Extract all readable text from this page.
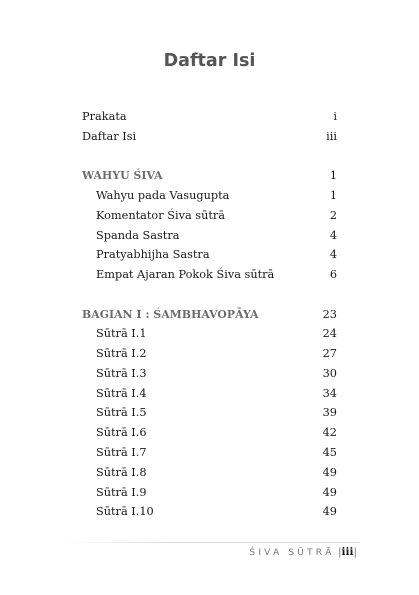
Daftar Isi
Prakata	i
Daftar Isi	iii
WAHYU ŚIVA	1
Wahyu pada Vasugupta	1
Komentator Śiva sūtrā	2
Spanda Sastra	4
Pratyabhijha Sastra	4
Empat Ajaran Pokok Śiva sūtrā	6
BAGIAN I : ŚAMBHAVOPĀYA	23
Sūtrā I.1	24
Sūtrā I.2	27
Sūtrā I.3	30
Sūtrā I.4	34
Sūtrā I.5	39
Sūtrā I.6	42
Sūtrā I.7	45
Sūtrā I.8	49
Sūtrā I.9	49
Sūtrā I.10	49
ŚIVA SŪTRĀ |iii|
